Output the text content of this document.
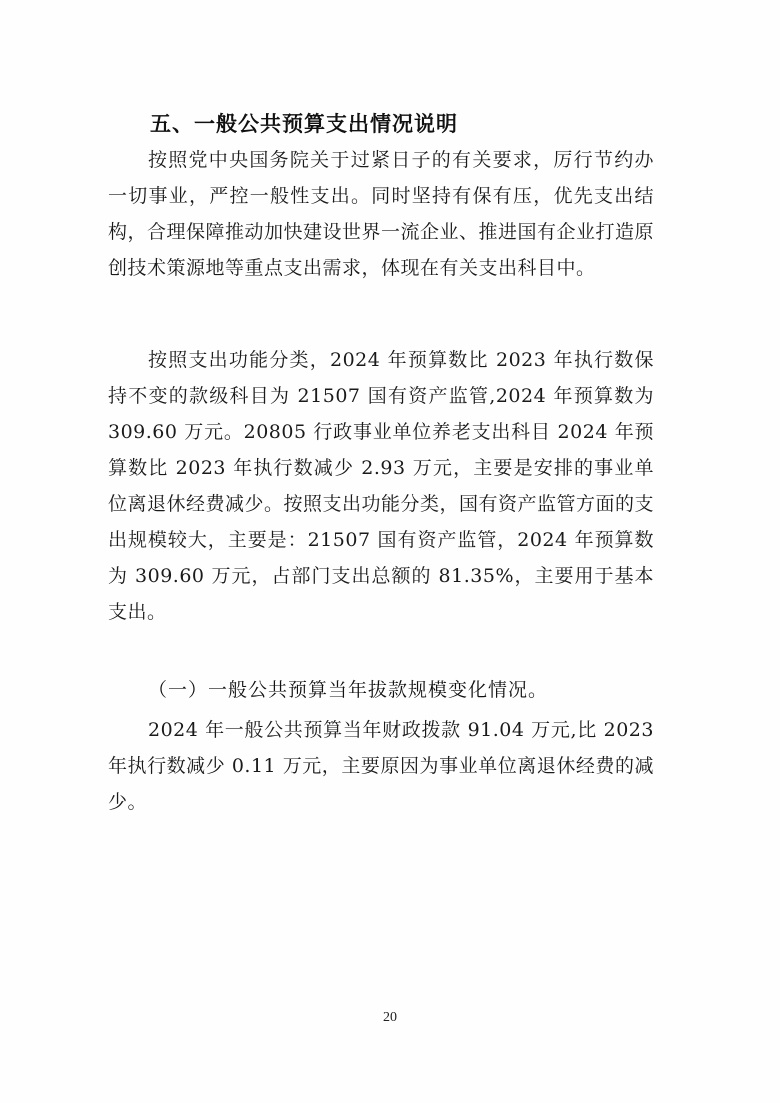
五、一般公共预算支出情况说明

按照党中央国务院关于过紧日子的有关要求，厉行节约办一切事业，严控一般性支出。同时坚持有保有压，优先支出结构，合理保障推动加快建设世界一流企业、推进国有企业打造原创技术策源地等重点支出需求，体现在有关支出科目中。

按照支出功能分类，2024 年预算数比 2023 年执行数保持不变的款级科目为 21507 国有资产监管,2024 年预算数为 309.60 万元。20805 行政事业单位养老支出科目 2024 年预算数比 2023 年执行数减少 2.93 万元，主要是安排的事业单位离退休经费减少。按照支出功能分类，国有资产监管方面的支出规模较大，主要是：21507 国有资产监管，2024 年预算数为 309.60 万元，占部门支出总额的 81.35%，主要用于基本支出。

（一）一般公共预算当年拔款规模变化情况。

2024 年一般公共预算当年财政拨款 91.04 万元,比 2023 年执行数减少 0.11 万元，主要原因为事业单位离退休经费的减少。

20
